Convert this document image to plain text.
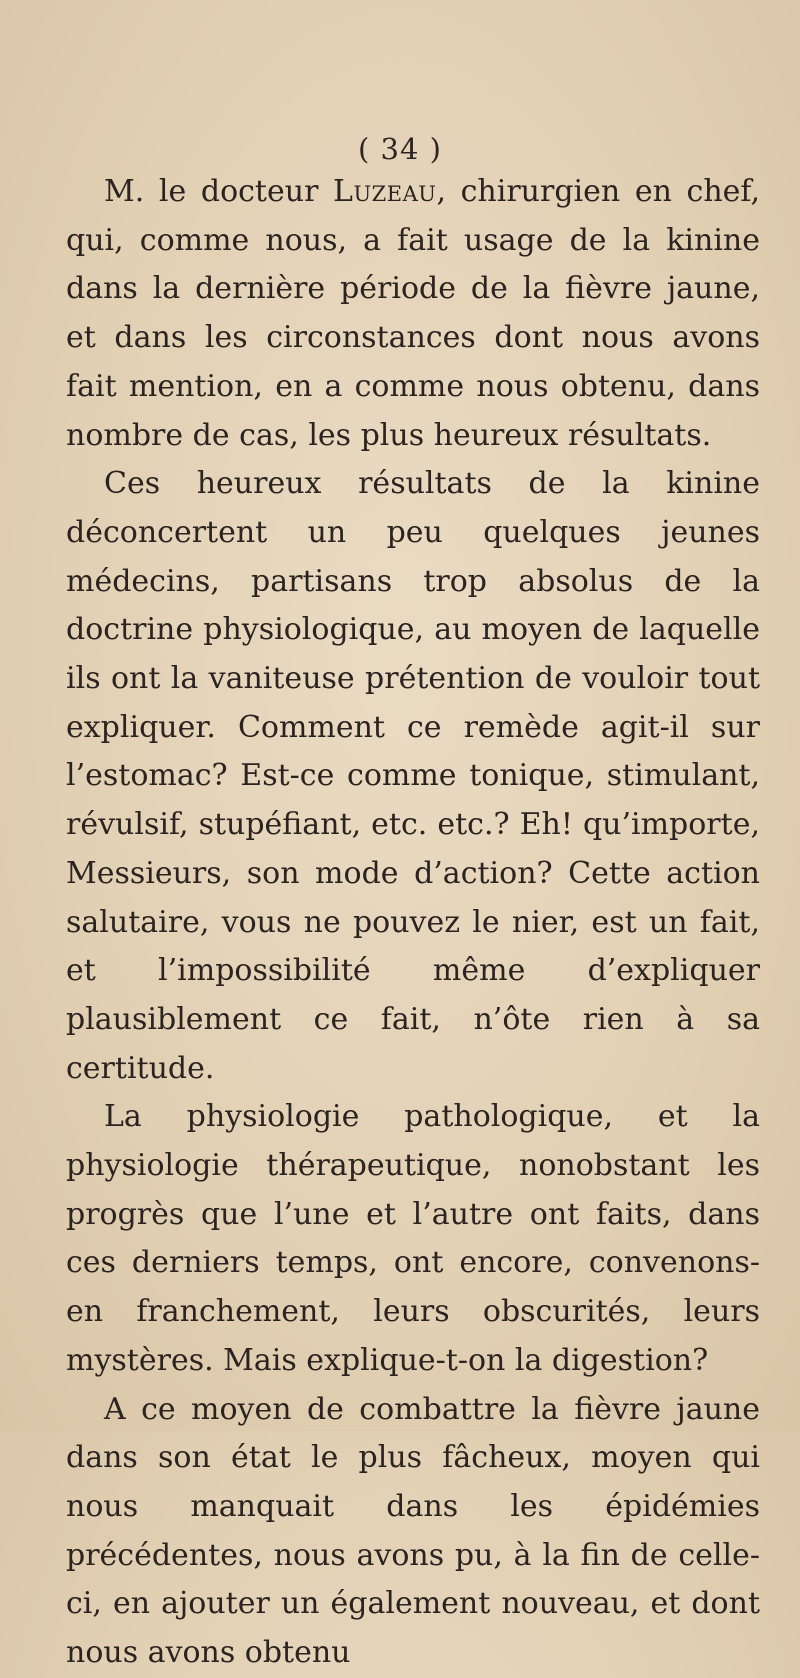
( 34 )

M. le docteur Luzeau, chirurgien en chef, qui, comme nous, a fait usage de la kinine dans la dernière période de la fièvre jaune, et dans les circonstances dont nous avons fait mention, en a comme nous obtenu, dans nombre de cas, les plus heureux résultats.

Ces heureux résultats de la kinine déconcertent un peu quelques jeunes médecins, partisans trop absolus de la doctrine physiologique, au moyen de laquelle ils ont la vaniteuse prétention de vouloir tout expliquer. Comment ce remède agit-il sur l’estomac? Est-ce comme tonique, stimulant, révulsif, stupéfiant, etc. etc.? Eh! qu’importe, Messieurs, son mode d’action? Cette action salutaire, vous ne pouvez le nier, est un fait, et l’impossibilité même d’expliquer plausiblement ce fait, n’ôte rien à sa certitude.

La physiologie pathologique, et la physiologie thérapeutique, nonobstant les progrès que l’une et l’autre ont faits, dans ces derniers temps, ont encore, convenons-en franchement, leurs obscurités, leurs mystères. Mais explique-t-on la digestion?

A ce moyen de combattre la fièvre jaune dans son état le plus fâcheux, moyen qui nous manquait dans les épidémies précédentes, nous avons pu, à la fin de celle-ci, en ajouter un également nouveau, et dont nous avons obtenu
